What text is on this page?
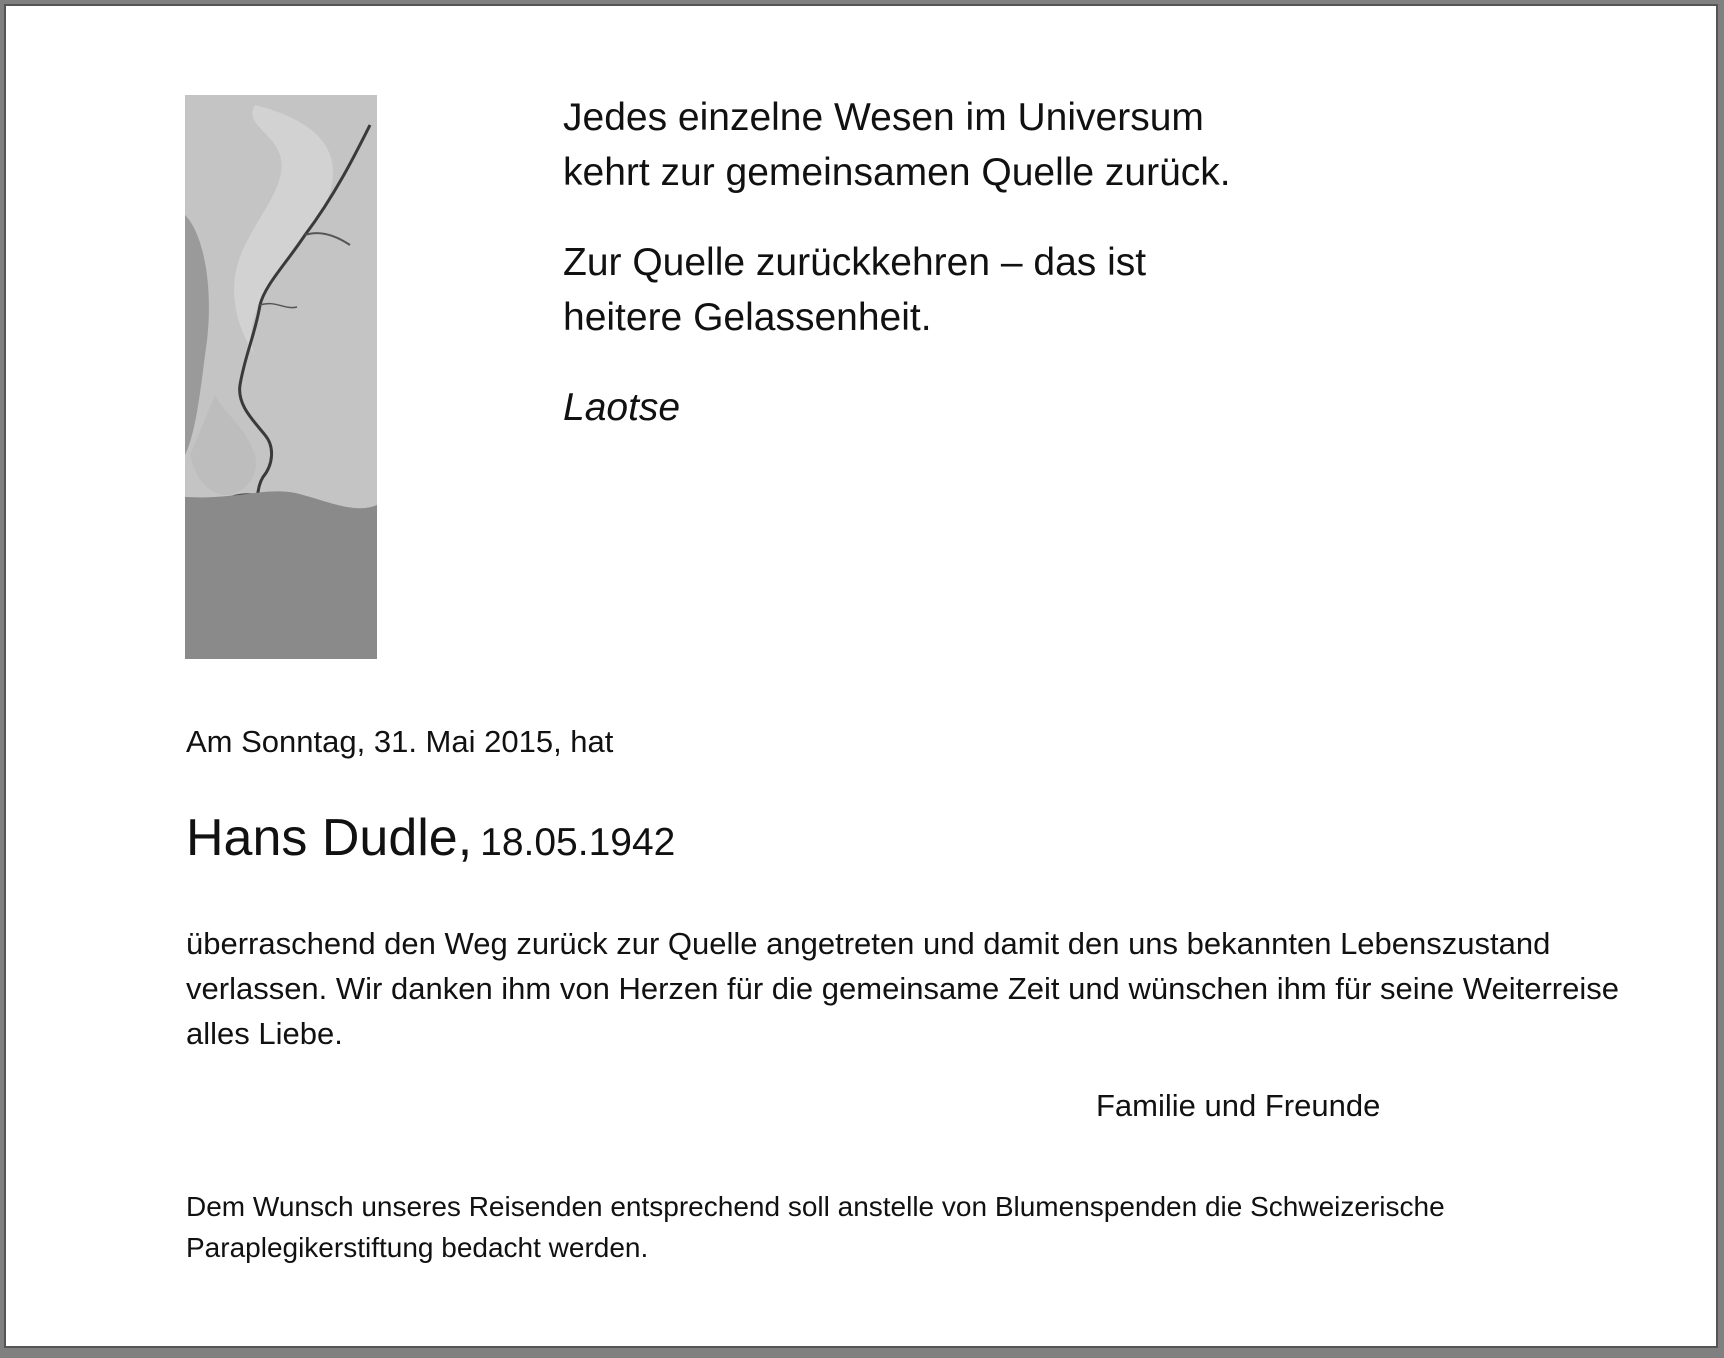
Jedes einzelne Wesen im Universum kehrt zur gemeinsamen Quelle zurück.

Zur Quelle zurückkehren – das ist heitere Gelassenheit.

Laotse

Am Sonntag, 31. Mai 2015, hat
Hans Dudle, 18.05.1942

überraschend den Weg zurück zur Quelle angetreten und damit den uns bekannten Lebenszustand verlassen. Wir danken ihm von Herzen für die gemeinsame Zeit und wünschen ihm für seine Weiterreise alles Liebe.

Familie und Freunde

Dem Wunsch unseres Reisenden entsprechend soll anstelle von Blumenspenden die Schweizerische Paraplegikerstiftung bedacht werden.
